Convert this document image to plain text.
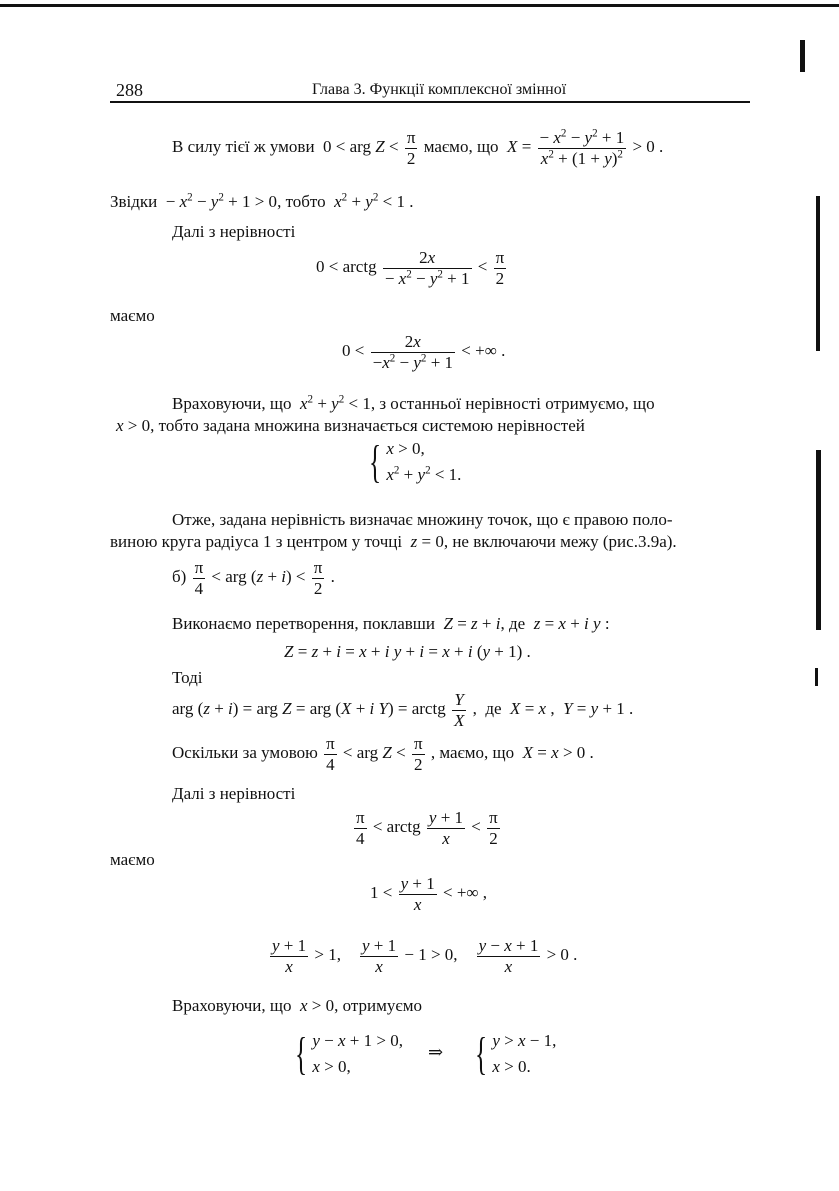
288	Глава 3. Функції комплексної змінної
В силу тієї ж умови  0 < arg $Z < \frac{\pi}{2}$ маємо, що $X = \frac{- x^2 - y^2 + 1}{x^2 + (1 + y)^2} > 0$ .
Звідки  − $x^2 - y^2 + 1 > 0$, тобто $x^2 + y^2 < 1$ .
Далі з нерівності
0 < arctg $\frac{2x}{- x^2 - y^2 + 1} < \frac{\pi}{2}$
маємо
$0 < \frac{2x}{-x^2 - y^2 + 1}$ < +∞ .
Враховуючи, що $x^2 + y^2 < 1$, з останньої нерівності отримуємо, що
x > 0, тобто задана множина визначається системою нерівностей
{ x > 0,
$x^2 + y^2 < 1$.
Отже, задана нерівність визначає множину точок, що є правою поло-
виною круга радіуса 1 з центром у точці z = 0, не включаючи межу (рис.3.9а).
$б) \frac{\pi}{4}$ < arg $(z + i) < \frac{\pi}{2}$ .
Виконаємо перетворення, поклавши Z = z + i, де z = x + i y :
Z = z + i = x + i y + i = x + i (y + 1) .
Тоді
arg (z + i) = arg Z = arg (X + i Y) = arctg $\frac{Y}{X}$ ,  де X = x ,  Y = y + 1 .
Оскільки за умовою $\frac{\pi}{4}$ < arg $Z < \frac{\pi}{2}$ , маємо, що X = x > 0 .
Далі з нерівності
$\frac{\pi}{4}$ < arctg $\frac{y + 1}{x} < \frac{\pi}{2}$
маємо
$1 < \frac{y + 1}{x}$ < +∞ ,
$\frac{y + 1}{x} > 1$, $\frac{y + 1}{x} - 1 > 0$, $\frac{y - x + 1}{x} > 0$ .
Враховуючи, що x > 0, отримуємо
{ y − x + 1 > 0,
x > 0,
⇒ { y > x − 1,
x > 0.
